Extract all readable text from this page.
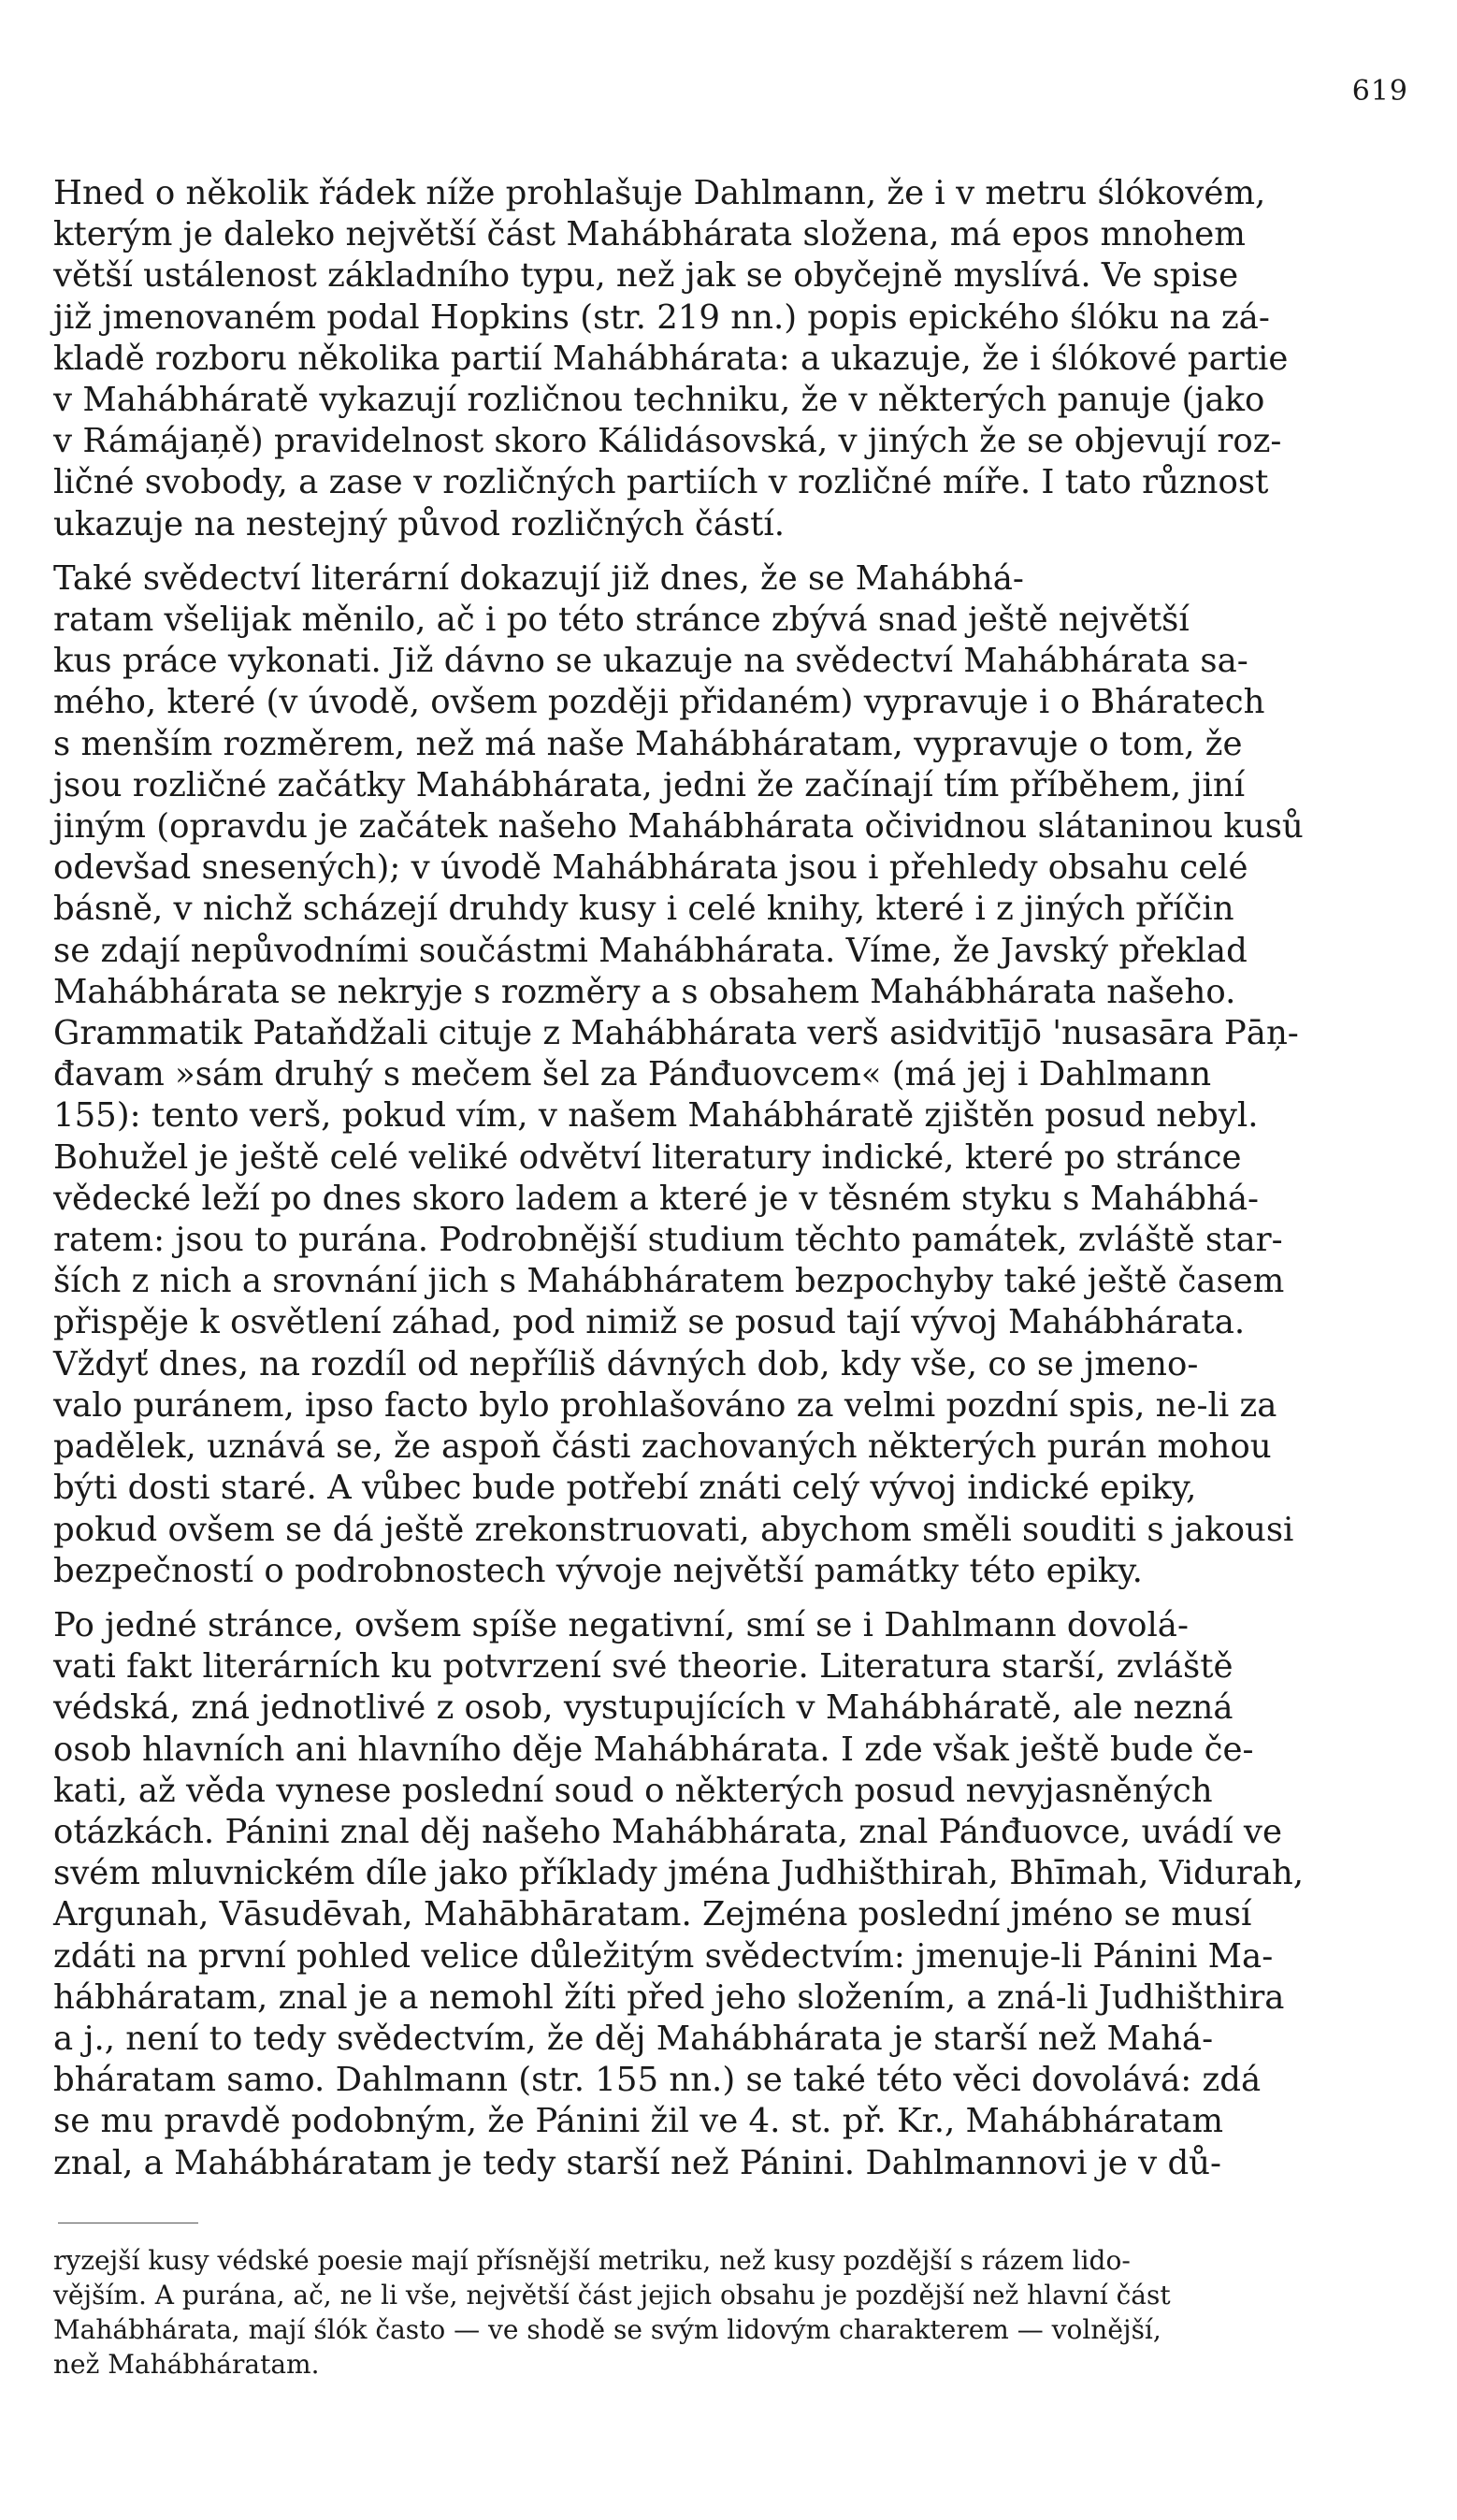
619

Hned o několik řádek níže prohlašuje Dahlmann, že i v metru ślókovém,
kterým je daleko největší část Mahábhárata složena, má epos mnohem
větší ustálenost základního typu, než jak se obyčejně myslívá. Ve spise
již jmenovaném podal Hopkins (str. 219 nn.) popis epického ślóku na zá-
kladě rozboru několika partií Mahábhárata: a ukazuje, že i ślókové partie
v Mahábháratě vykazují rozličnou techniku, že v některých panuje (jako
v Rámájaņě) pravidelnost skoro Kálidásovská, v jiných že se objevují roz-
ličné svobody, a zase v rozličných partiích v rozličné míře. I tato různost
ukazuje na nestejný původ rozličných částí.

Také svědectví literární dokazují již dnes, že se Mahábhá-
ratam všelijak měnilo, ač i po této stránce zbývá snad ještě největší
kus práce vykonati. Již dávno se ukazuje na svědectví Mahábhárata sa-
mého, které (v úvodě, ovšem později přidaném) vypravuje i o Bháratech
s menším rozměrem, než má naše Mahábháratam, vypravuje o tom, že
jsou rozličné začátky Mahábhárata, jedni že začínají tím příběhem, jiní
jiným (opravdu je začátek našeho Mahábhárata očividnou slátaninou kusů
odevšad snesených); v úvodě Mahábhárata jsou i přehledy obsahu celé
básně, v nichž scházejí druhdy kusy i celé knihy, které i z jiných příčin
se zdají nepůvodními součástmi Mahábhárata. Víme, že Javský překlad
Mahábhárata se nekryje s rozměry a s obsahem Mahábhárata našeho.
Grammatik Pataňdžali cituje z Mahábhárata verš asidvitījō 'nusasāra Pāņ-
đavam »sám druhý s mečem šel za Pánđuovcem« (má jej i Dahlmann
155): tento verš, pokud vím, v našem Mahábháratě zjištěn posud nebyl.
Bohužel je ještě celé veliké odvětví literatury indické, které po stránce
vědecké leží po dnes skoro ladem a které je v těsném styku s Mahábhá-
ratem: jsou to purána. Podrobnější studium těchto památek, zvláště star-
ších z nich a srovnání jich s Mahábháratem bezpochyby také ještě časem
přispěje k osvětlení záhad, pod nimiž se posud tají vývoj Mahábhárata.
Vždyť dnes, na rozdíl od nepříliš dávných dob, kdy vše, co se jmeno-
valo puránem, ipso facto bylo prohlašováno za velmi pozdní spis, ne-li za
padělek, uznává se, že aspoň části zachovaných některých purán mohou
býti dosti staré. A vůbec bude potřebí znáti celý vývoj indické epiky,
pokud ovšem se dá ještě zrekonstruovati, abychom směli souditi s jakousi
bezpečností o podrobnostech vývoje největší památky této epiky.

Po jedné stránce, ovšem spíše negativní, smí se i Dahlmann dovolá-
vati fakt literárních ku potvrzení své theorie. Literatura starší, zvláště
védská, zná jednotlivé z osob, vystupujících v Mahábháratě, ale nezná
osob hlavních ani hlavního děje Mahábhárata. I zde však ještě bude če-
kati, až věda vynese poslední soud o některých posud nevyjasněných
otázkách. Pánini znal děj našeho Mahábhárata, znal Pánđuovce, uvádí ve
svém mluvnickém díle jako příklady jména Judhišthirah, Bhīmah, Vidurah,
Argunah, Vāsudēvah, Mahābhāratam. Zejména poslední jméno se musí
zdáti na první pohled velice důležitým svědectvím: jmenuje-li Pánini Ma-
hábháratam, znal je a nemohl žíti před jeho složením, a zná-li Judhišthira
a j., není to tedy svědectvím, že děj Mahábhárata je starší než Mahá-
bháratam samo. Dahlmann (str. 155 nn.) se také této věci dovolává: zdá
se mu pravdě podobným, že Pánini žil ve 4. st. př. Kr., Mahábháratam
znal, a Mahábháratam je tedy starší než Pánini. Dahlmannovi je v dů-

ryzejší kusy védské poesie mají přísnější metriku, než kusy pozdější s rázem lido-
vějším. A purána, ač, ne li vše, největší část jejich obsahu je pozdější než hlavní část
Mahábhárata, mají ślók často — ve shodě se svým lidovým charakterem — volnější,
než Mahábháratam.
